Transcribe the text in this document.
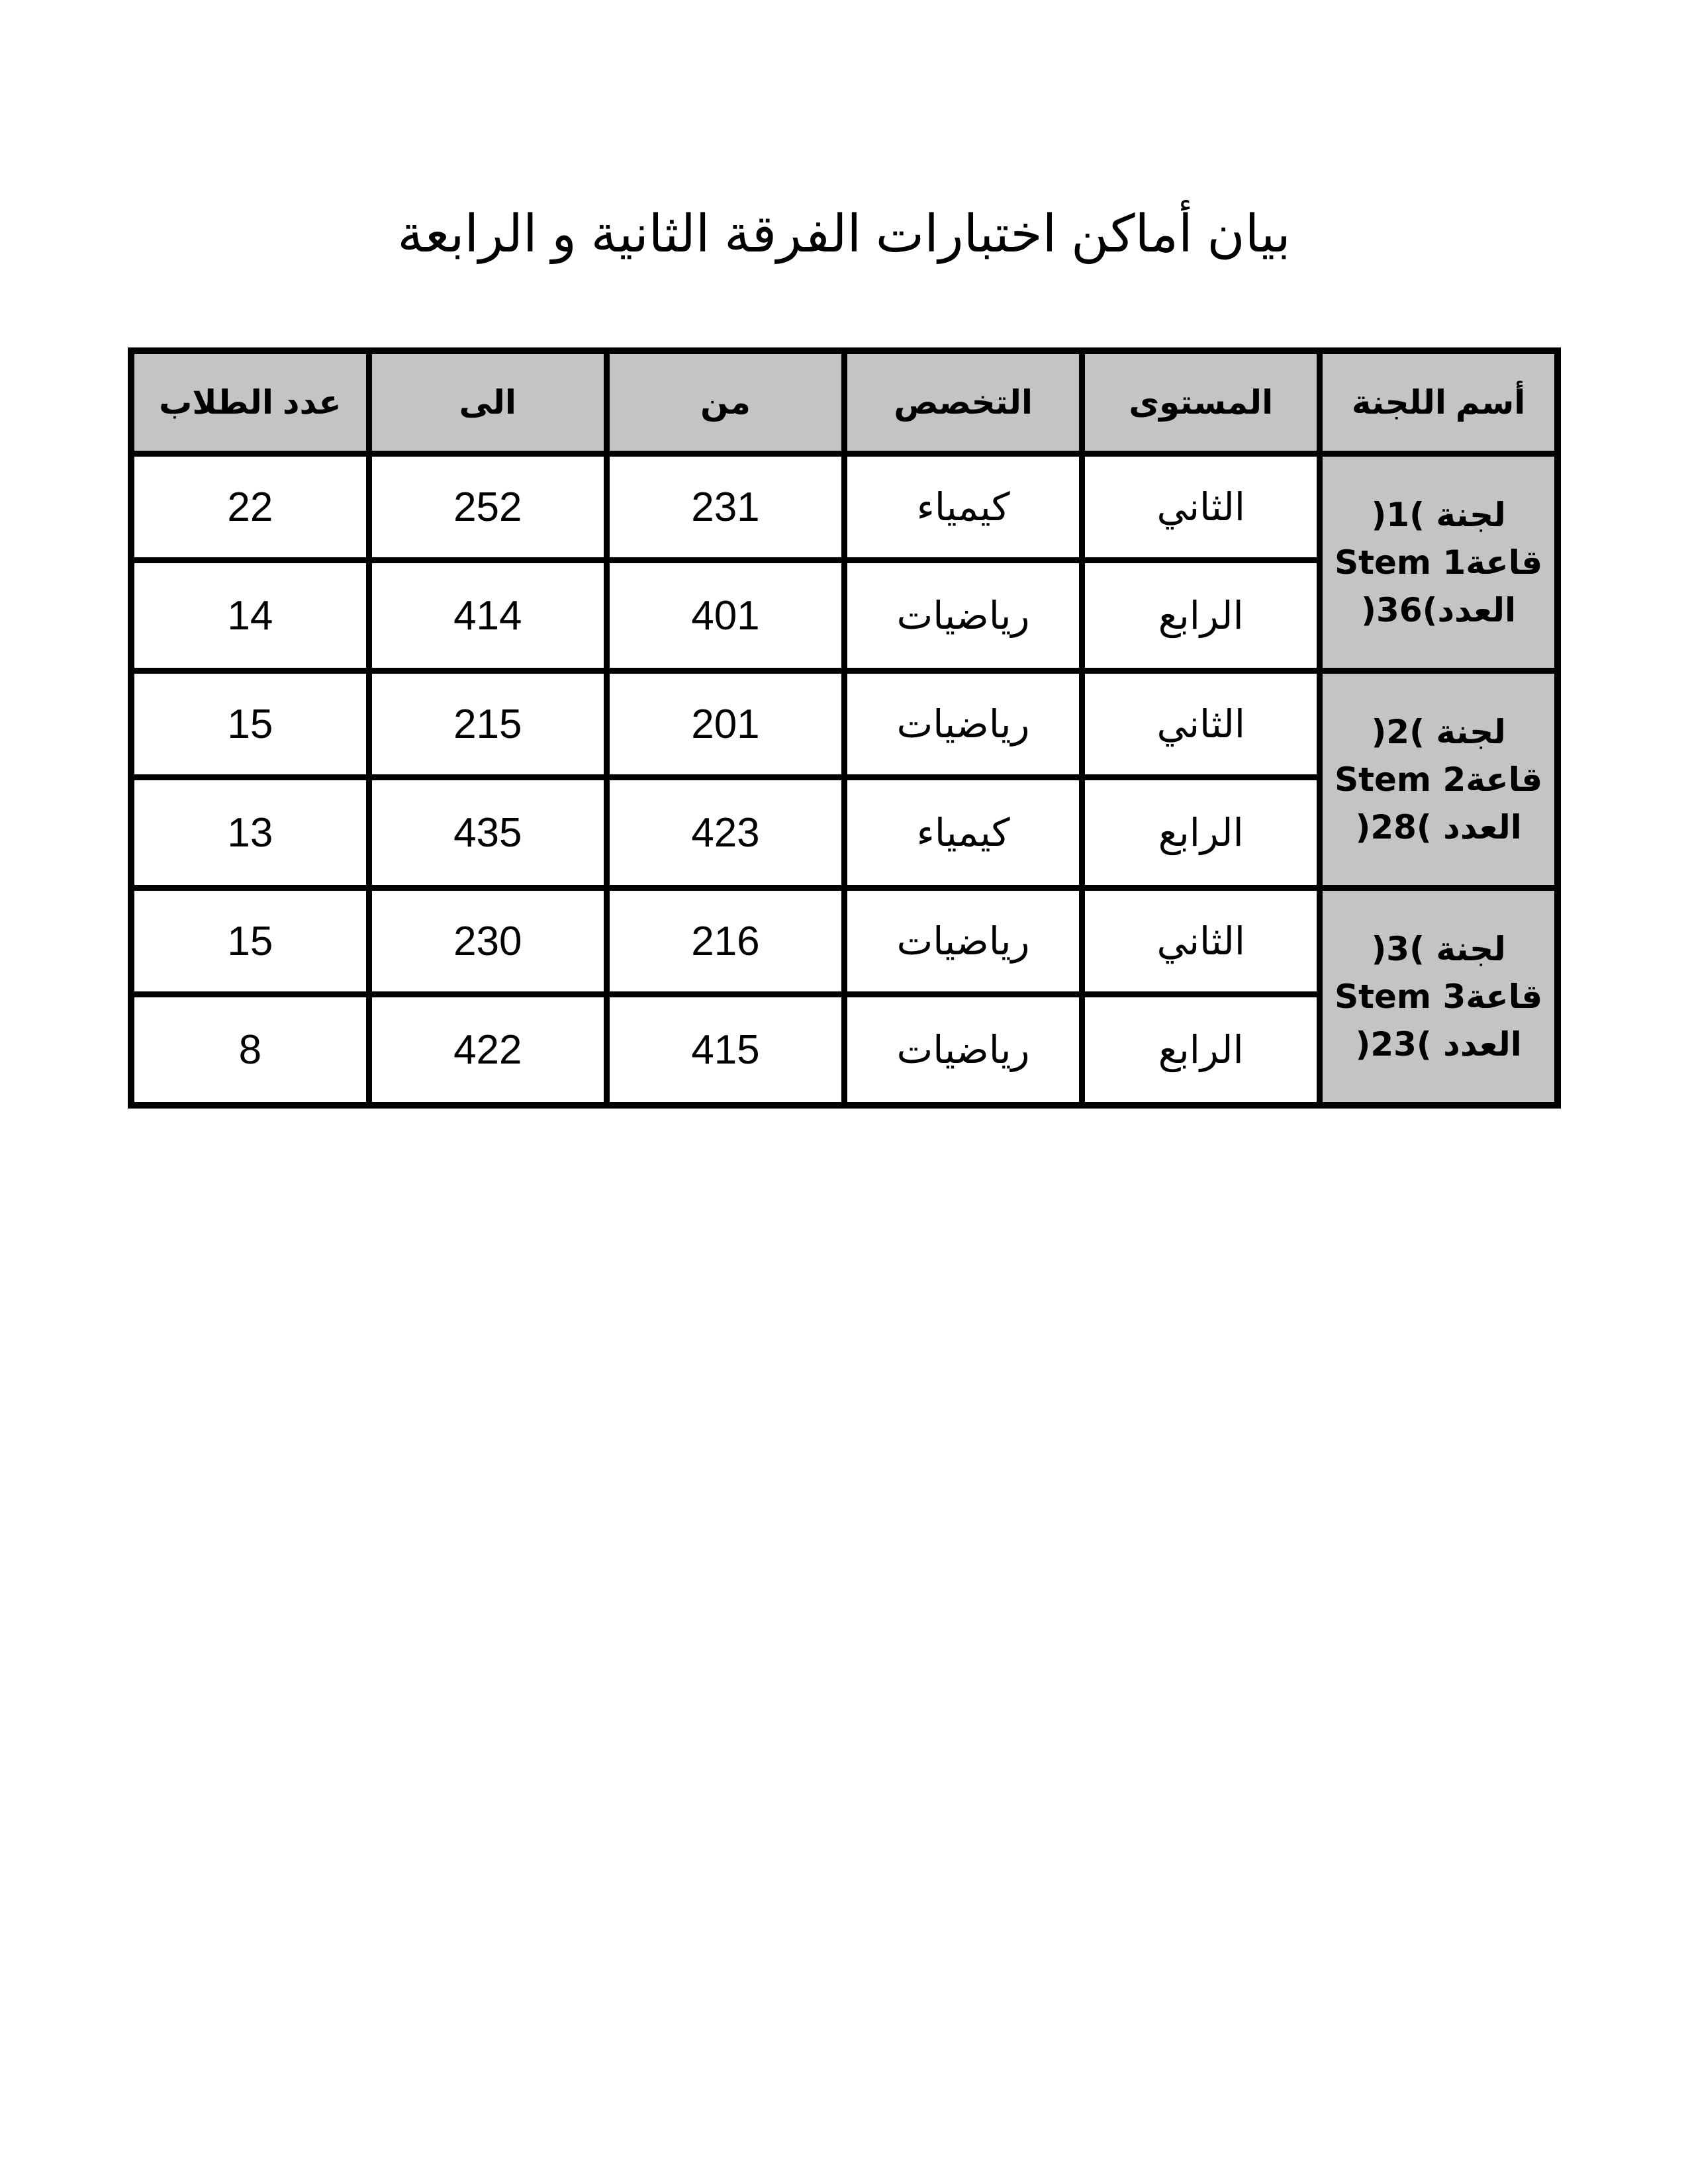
بيان أماكن اختبارات الفرقة الثانية و الرابعة
أسم اللجنة	المستوى	التخصص	من	الى	عدد الطلاب

لجنة )1(
قاعةStem 1
العدد)36(	الثاني	كيمياء	231	252	22
	الرابع	رياضيات	401	414	14

لجنة )2(
قاعةStem 2
العدد )28(	الثاني	رياضيات	201	215	15
	الرابع	كيمياء	423	435	13

لجنة )3(
قاعةStem 3
العدد )23(	الثاني	رياضيات	216	230	15
	الرابع	رياضيات	415	422	8
